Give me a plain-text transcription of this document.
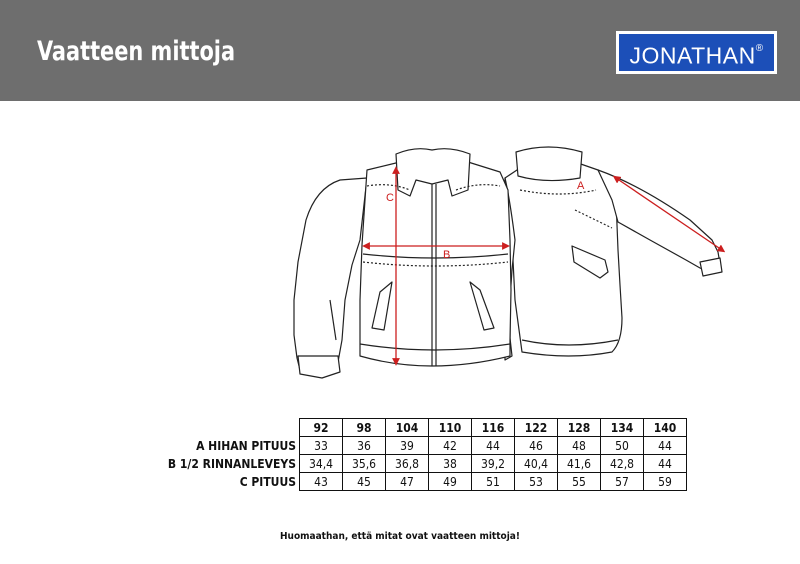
Vaatteen mittoja	JONATHAN®
C
B
A
	92	98	104	110	116	122	128	134	140
A HIHAN PITUUS	33	36	39	42	44	46	48	50	44
B 1/2 RINNANLEVEYS	34,4	35,6	36,8	38	39,2	40,4	41,6	42,8	44
C PITUUS	43	45	47	49	51	53	55	57	59
Huomaathan, että mitat ovat vaatteen mittoja!
